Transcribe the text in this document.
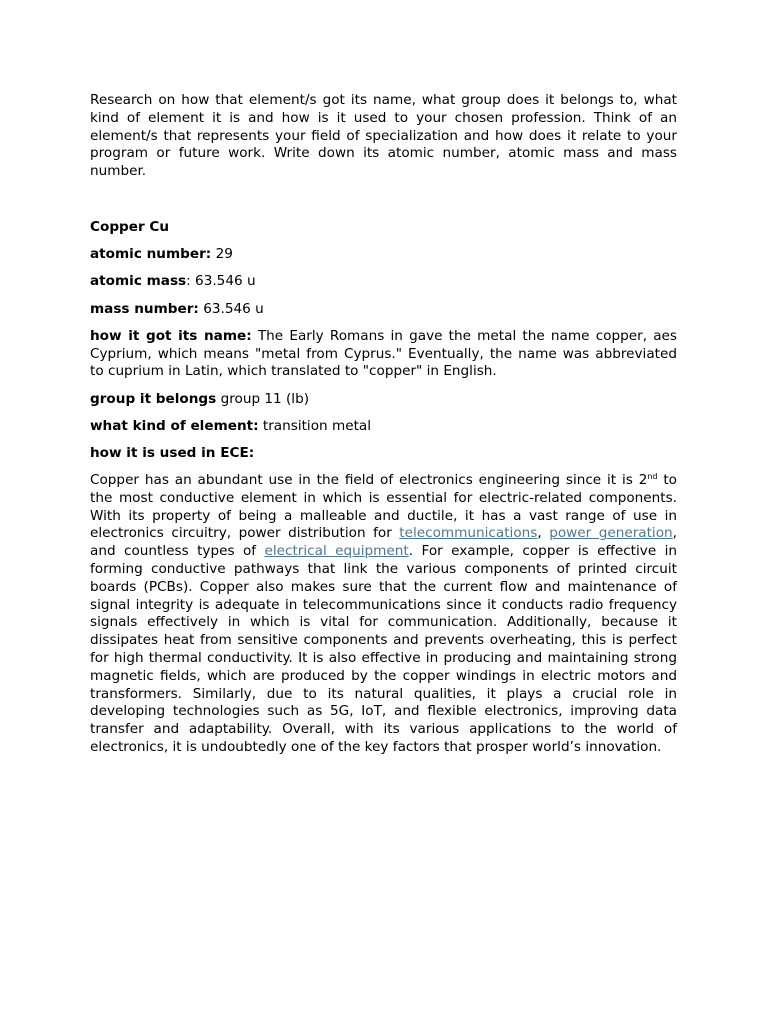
Research on how that element/s got its name, what group does it belongs to, what kind of element it is and how is it used to your chosen profession. Think of an element/s that represents your field of specialization and how does it relate to your program or future work. Write down its atomic number, atomic mass and mass number.

Copper Cu

atomic number: 29

atomic mass: 63.546 u

mass number: 63.546 u

how it got its name: The Early Romans in gave the metal the name copper, aes Cyprium, which means "metal from Cyprus." Eventually, the name was abbreviated to cuprium in Latin, which translated to "copper" in English.

group it belongs group 11 (lb)

what kind of element: transition metal

how it is used in ECE:

Copper has an abundant use in the field of electronics engineering since it is 2nd to the most conductive element in which is essential for electric-related components. With its property of being a malleable and ductile, it has a vast range of use in electronics circuitry, power distribution for telecommunications, power generation, and countless types of electrical equipment. For example, copper is effective in forming conductive pathways that link the various components of printed circuit boards (PCBs). Copper also makes sure that the current flow and maintenance of signal integrity is adequate in telecommunications since it conducts radio frequency signals effectively in which is vital for communication. Additionally, because it dissipates heat from sensitive components and prevents overheating, this is perfect for high thermal conductivity. It is also effective in producing and maintaining strong magnetic fields, which are produced by the copper windings in electric motors and transformers. Similarly, due to its natural qualities, it plays a crucial role in developing technologies such as 5G, IoT, and flexible electronics, improving data transfer and adaptability. Overall, with its various applications to the world of electronics, it is undoubtedly one of the key factors that prosper world’s innovation.
